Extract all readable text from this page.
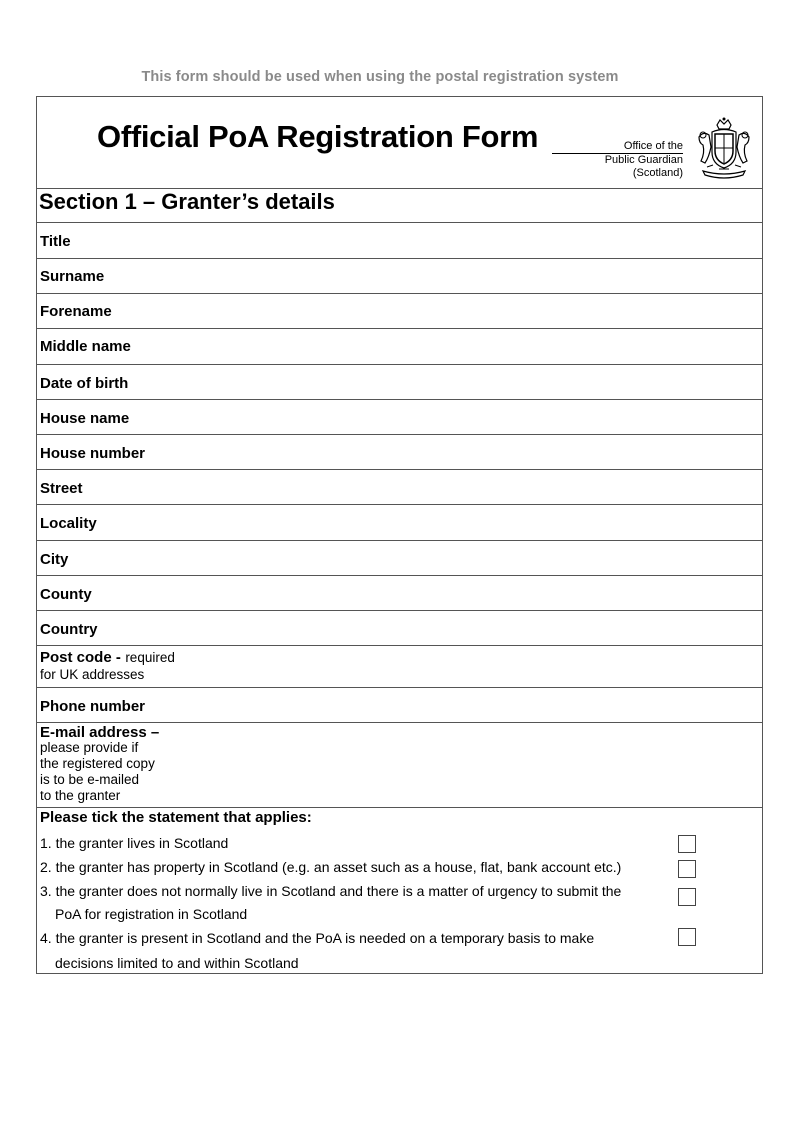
This form should be used when using the postal registration system
Official PoA Registration Form	Office of the
Public Guardian (Scotland)
Section 1 – Granter’s details
Title
Surname
Forename
Middle name
Date of birth
House name
House number
Street
Locality
City
County
Country
Post code - required
for UK addresses
Phone number
E-mail address –
please provide if
the registered copy
is to be e-mailed
to the granter
Please tick the statement that applies:
1. the granter lives in Scotland
2. the granter has property in Scotland (e.g. an asset such as a house, flat, bank account etc.)
3. the granter does not normally live in Scotland and there is a matter of urgency to submit the
PoA for registration in Scotland
4. the granter is present in Scotland and the PoA is needed on a temporary basis to make
decisions limited to and within Scotland
